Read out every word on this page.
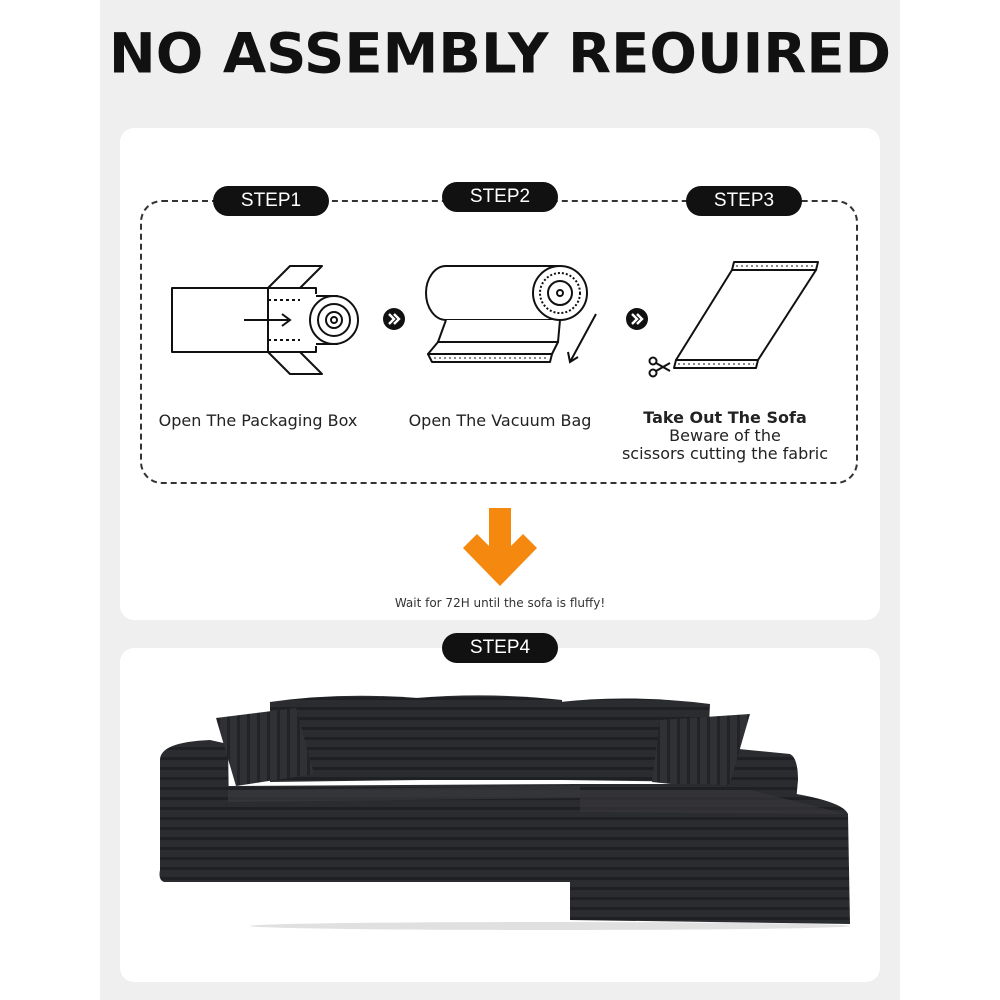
NO ASSEMBLY REOUIRED
STEP1	STEP2	STEP3
Open The Packaging Box	Open The Vacuum Bag	Take Out The Sofa
Beware of the
scissors cutting the fabric
Wait for 72H until the sofa is fluffy!
STEP4
